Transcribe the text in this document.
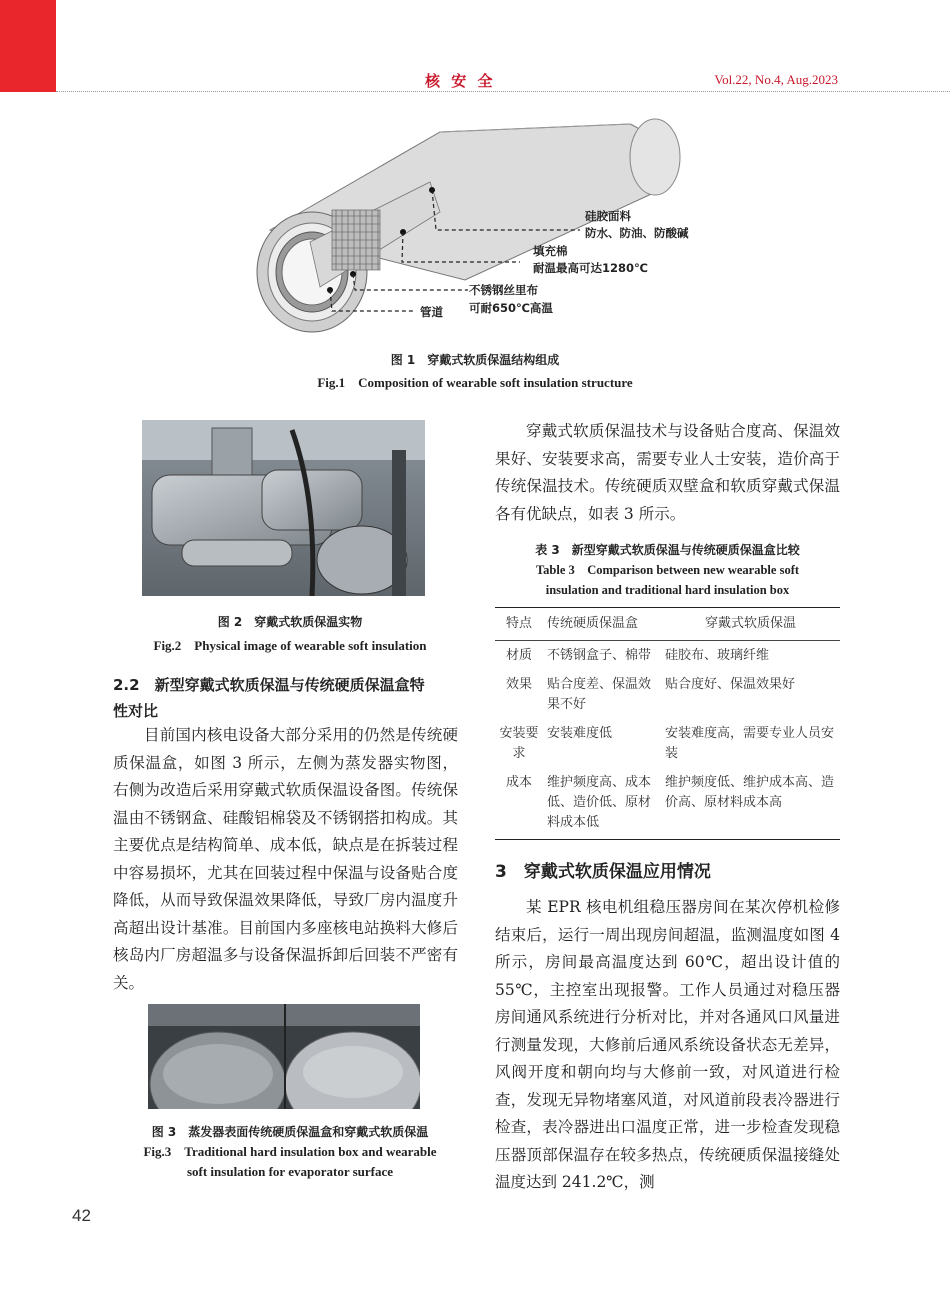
核 安 全	Vol.22, No.4, Aug.2023
硅胶面料
防水、防油、防酸碱
填充棉
耐温最高可达1280℃
不锈钢丝里布
可耐650℃高温
管道
图 1　穿戴式软质保温结构组成
Fig.1　Composition of wearable soft insulation structure
图 2　穿戴式软质保温实物
Fig.2　Physical image of wearable soft insulation
2.2　新型穿戴式软质保温与传统硬质保温盒特
性对比

目前国内核电设备大部分采用的仍然是传统硬质保温盒，如图 3 所示，左侧为蒸发器实物图，右侧为改造后采用穿戴式软质保温设备图。传统保温由不锈钢盒、硅酸铝棉袋及不锈钢搭扣构成。其主要优点是结构简单、成本低，缺点是在拆装过程中容易损坏，尤其在回装过程中保温与设备贴合度降低，从而导致保温效果降低，导致厂房内温度升高超出设计基准。目前国内多座核电站换料大修后核岛内厂房超温多与设备保温拆卸后回装不严密有关。

图 3　蒸发器表面传统硬质保温盒和穿戴式软质保温
Fig.3　Traditional hard insulation box and wearable
soft insulation for evaporator surface

穿戴式软质保温技术与设备贴合度高、保温效果好、安装要求高，需要专业人士安装，造价高于传统保温技术。传统硬质双壁盒和软质穿戴式保温各有优缺点，如表 3 所示。

表 3　新型穿戴式软质保温与传统硬质保温盒比较
Table 3　Comparison between new wearable soft
insulation and traditional hard insulation box
特点	传统硬质保温盒	穿戴式软质保温
材质	不锈钢盒子、棉带	硅胶布、玻璃纤维
效果	贴合度差、保温效果不好	贴合度好、保温效果好
安装要求	安装难度低	安装难度高，需要专业人员安装
成本	维护频度高、成本低、造价低、原材料成本低	维护频度低、维护成本高、造价高、原材料成本高
3　穿戴式软质保温应用情况

某 EPR 核电机组稳压器房间在某次停机检修结束后，运行一周出现房间超温，监测温度如图 4 所示，房间最高温度达到 60℃，超出设计值的 55℃，主控室出现报警。工作人员通过对稳压器房间通风系统进行分析对比，并对各通风口风量进行测量发现，大修前后通风系统设备状态无差异，风阀开度和朝向均与大修前一致，对风道进行检查，发现无异物堵塞风道，对风道前段表冷器进行检查，表冷器进出口温度正常，进一步检查发现稳压器顶部保温存在较多热点，传统硬质保温接缝处温度达到 241.2℃，测

42
